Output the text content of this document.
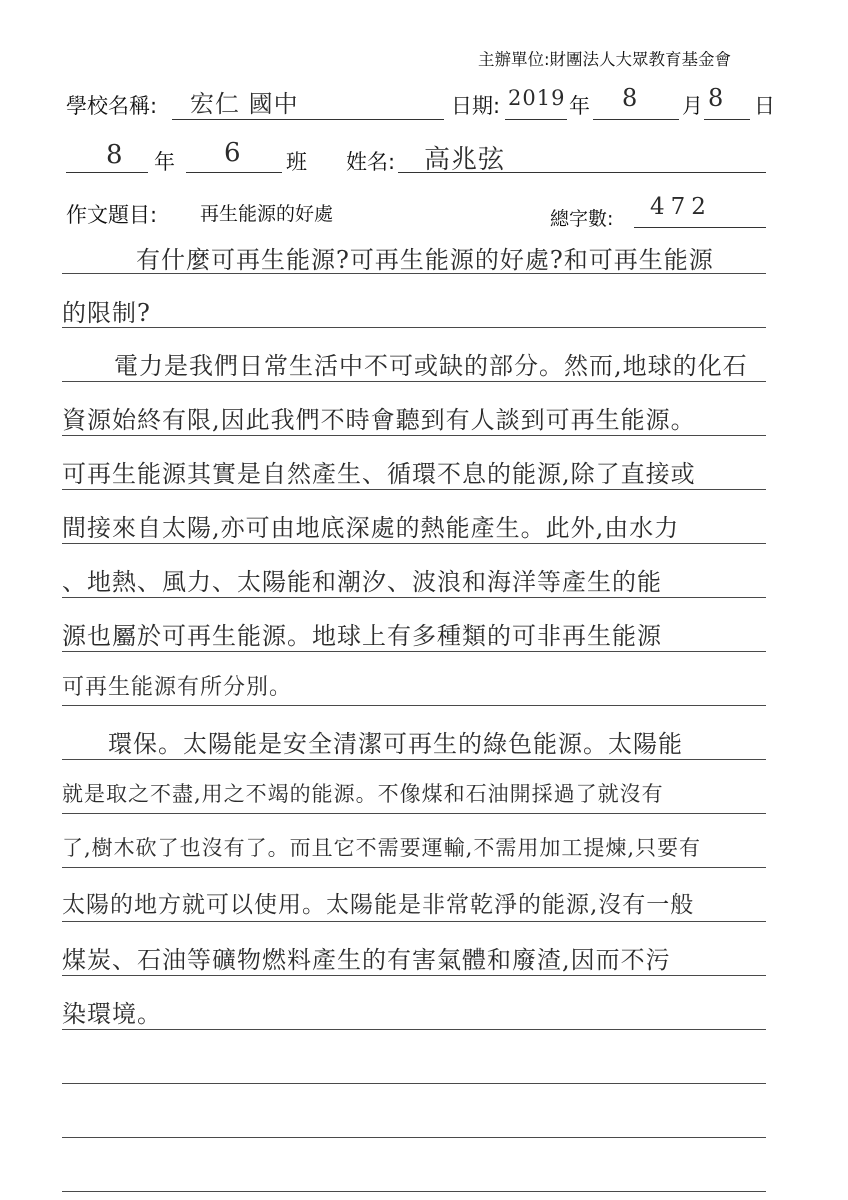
主辦單位:財團法人大眾教育基金會
學校名稱: 宏仁 國中	日期: 2019 年 8 月 8 日
8 年 6 班 姓名: 高兆弦
作文題目: 再生能源的好處	總字數: 472
有什麼可再生能源?可再生能源的好處?和可再生能源
的限制?
電力是我們日常生活中不可或缺的部分。然而,地球的化石
資源始終有限,因此我們不時會聽到有人談到可再生能源。
可再生能源其實是自然產生、循環不息的能源,除了直接或
間接來自太陽,亦可由地底深處的熱能產生。此外,由水力
、地熱、風力、太陽能和潮汐、波浪和海洋等產生的能
源也屬於可再生能源。地球上有多種類的可非再生能源
可再生能源有所分別。
環保。太陽能是安全清潔可再生的綠色能源。太陽能
就是取之不盡,用之不竭的能源。不像煤和石油開採過了就沒有
了,樹木砍了也沒有了。而且它不需要運輸,不需用加工提煉,只要有
太陽的地方就可以使用。太陽能是非常乾淨的能源,沒有一般
煤炭、石油等礦物燃料產生的有害氣體和廢渣,因而不污
染環境。
